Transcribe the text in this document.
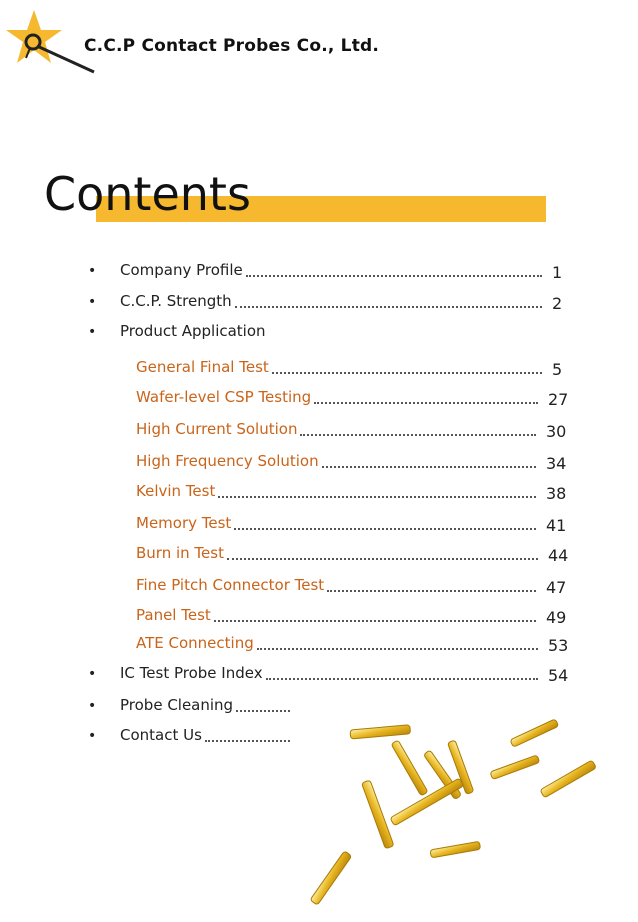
C.C.P Contact Probes Co., Ltd.
Contents
• Company Profile	1
• C.C.P. Strength	2
• Product Application
General Final Test	5
Wafer-level CSP Testing	27
High Current Solution	30
High Frequency Solution	34
Kelvin Test	38
Memory Test	41
Burn in Test	44
Fine Pitch Connector Test	47
Panel Test	49
ATE Connecting	53
• IC Test Probe Index	54
• Probe Cleaning
• Contact Us
